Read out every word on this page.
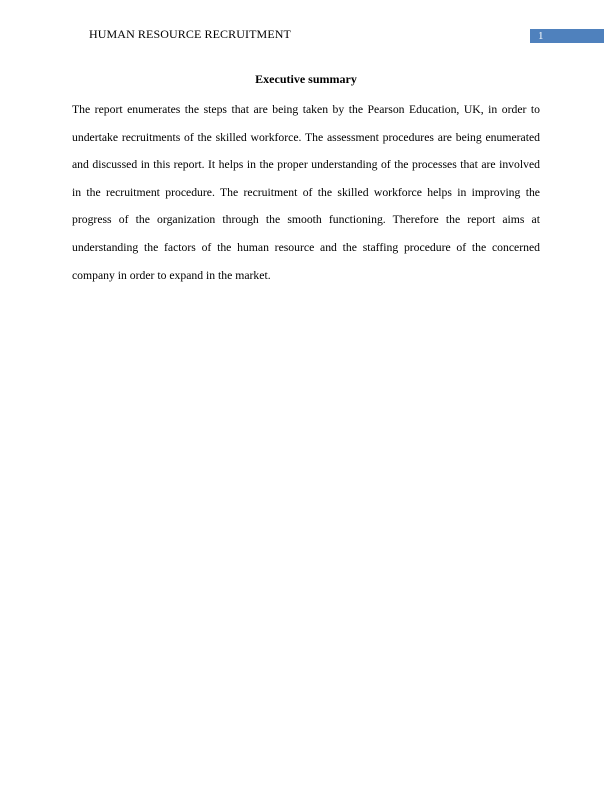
HUMAN RESOURCE RECRUITMENT	1
Executive summary

The report enumerates the steps that are being taken by the Pearson Education, UK, in order to undertake recruitments of the skilled workforce. The assessment procedures are being enumerated and discussed in this report. It helps in the proper understanding of the processes that are involved in the recruitment procedure. The recruitment of the skilled workforce helps in improving the progress of the organization through the smooth functioning. Therefore the report aims at understanding the factors of the human resource and the staffing procedure of the concerned company in order to expand in the market.
